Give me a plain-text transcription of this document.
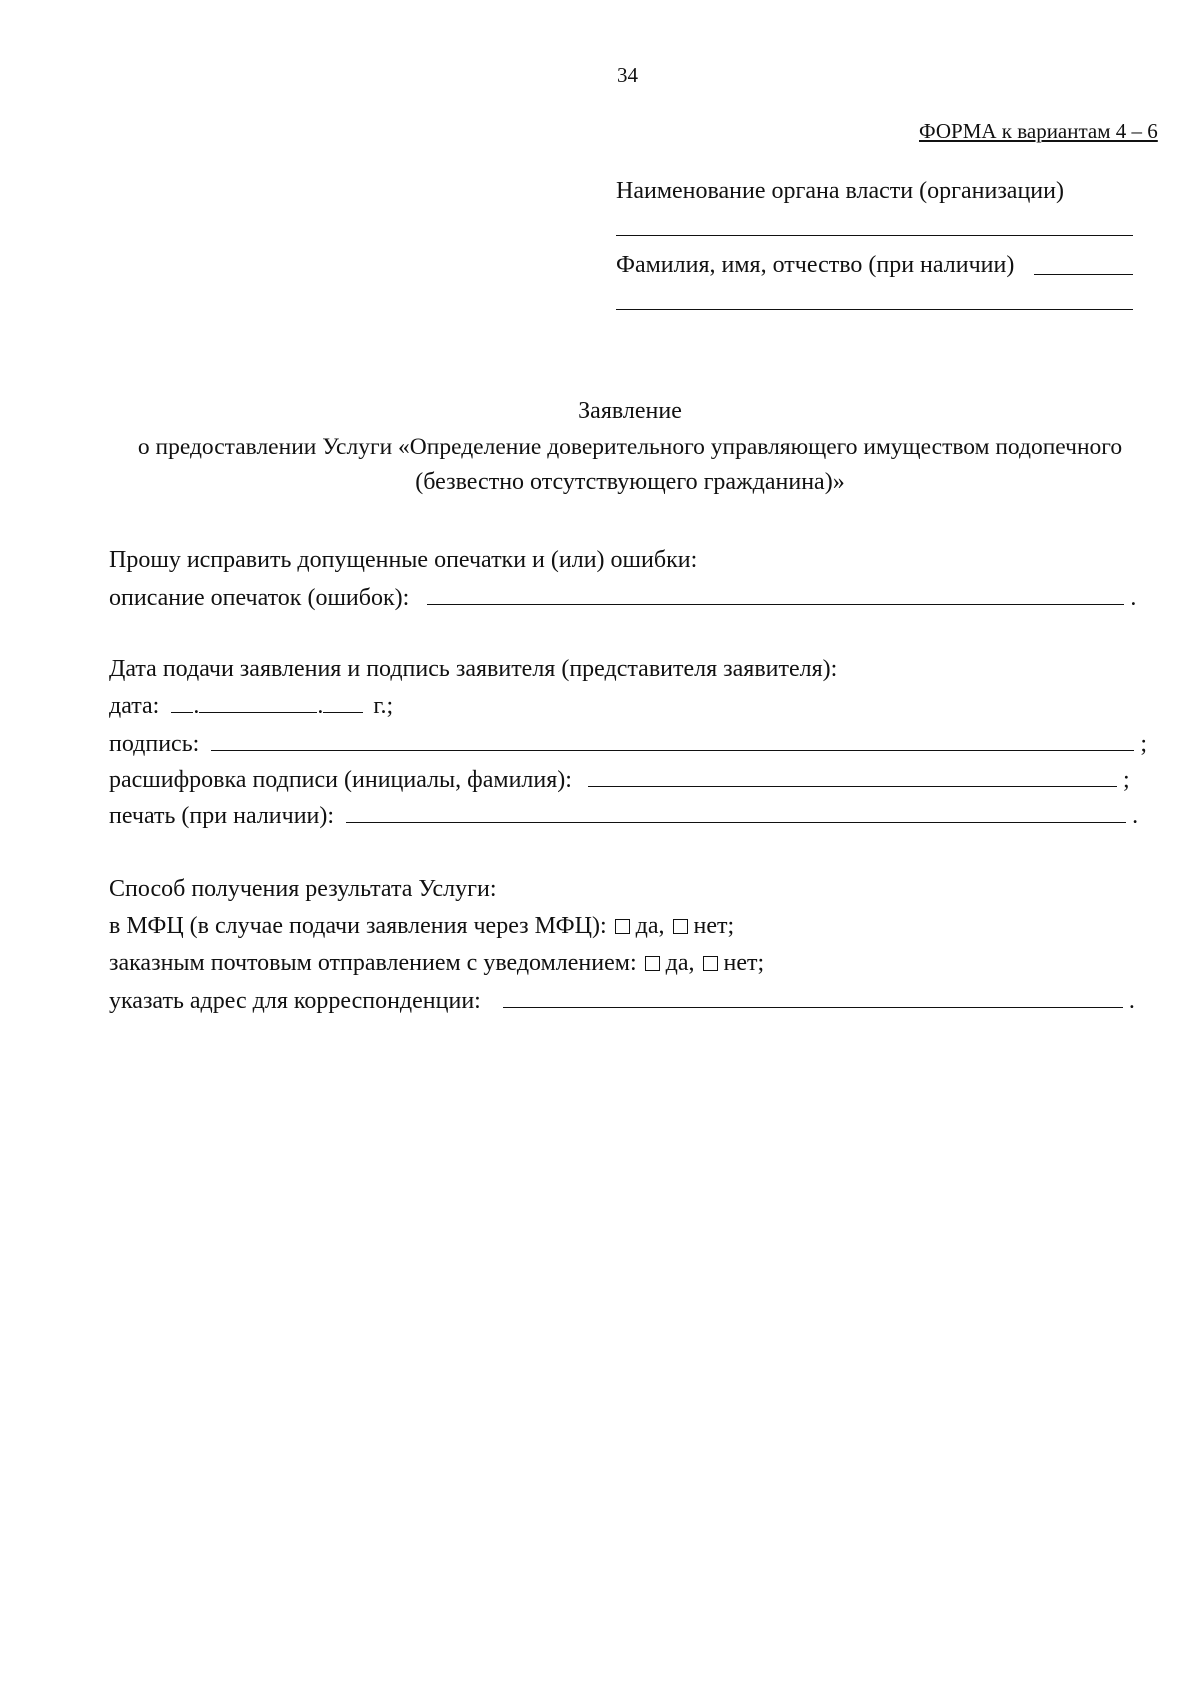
34
ФОРМА к вариантам 4 – 6
Наименование органа власти (организации)
Фамилия, имя, отчество (при наличии)
Заявление
о предоставлении Услуги «Определение доверительного управляющего имуществом подопечного
(безвестно отсутствующего гражданина)»
Прошу исправить допущенные опечатки и (или) ошибки:
описание опечаток (ошибок):	.
Дата подачи заявления и подпись заявителя (представителя заявителя):
дата: .	. г.;
подпись:	;
расшифровка подписи (инициалы, фамилия):	;
печать (при наличии):	.
Способ получения результата Услуги:
в МФЦ (в случае подачи заявления через МФЦ): да, нет;
заказным почтовым отправлением с уведомлением: да, нет;
указать адрес для корреспонденции:	.
